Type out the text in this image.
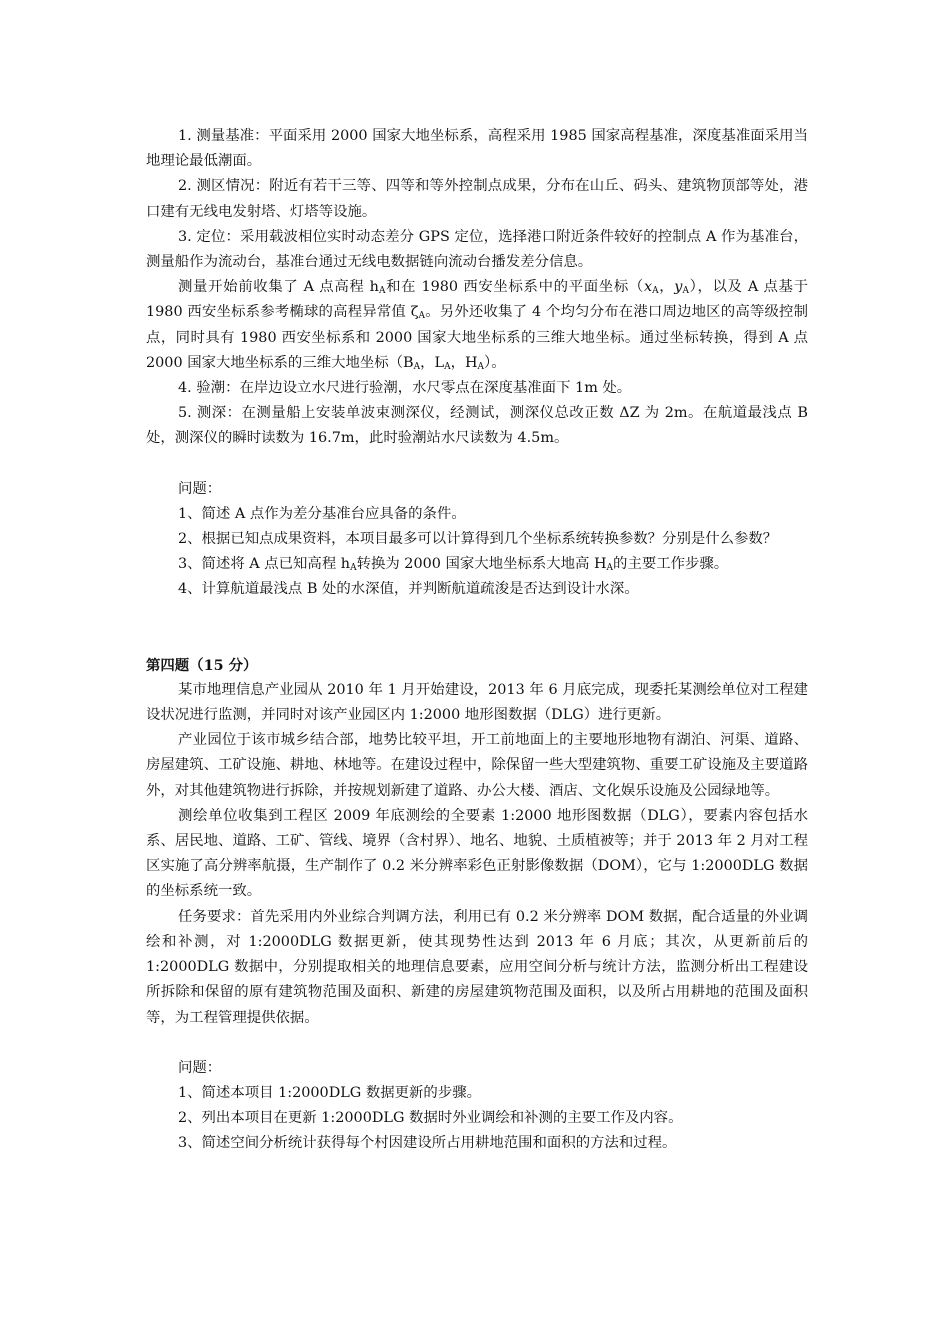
1. 测量基准：平面采用 2000 国家大地坐标系，高程采用 1985 国家高程基准，深度基准面采用当地理论最低潮面。

2. 测区情况：附近有若干三等、四等和等外控制点成果，分布在山丘、码头、建筑物顶部等处，港口建有无线电发射塔、灯塔等设施。

3. 定位：采用载波相位实时动态差分 GPS 定位，选择港口附近条件较好的控制点 A 作为基准台，测量船作为流动台，基准台通过无线电数据链向流动台播发差分信息。

测量开始前收集了 A 点高程 $h_A$和在 1980 西安坐标系中的平面坐标（$x_A$，$y_A$），以及 A 点基于 1980 西安坐标系参考椭球的高程异常值 $\zeta_A$。另外还收集了 4 个均匀分布在港口周边地区的高等级控制点，同时具有 1980 西安坐标系和 2000 国家大地坐标系的三维大地坐标。通过坐标转换，得到 A 点 2000 国家大地坐标系的三维大地坐标（$B_A$，$L_A$，$H_A$）。

4. 验潮：在岸边设立水尺进行验潮，水尺零点在深度基准面下 1m 处。

5. 测深：在测量船上安装单波束测深仪，经测试，测深仪总改正数 ΔZ 为 2m。在航道最浅点 B 处，测深仪的瞬时读数为 16.7m，此时验潮站水尺读数为 4.5m。

问题：

1、简述 A 点作为差分基准台应具备的条件。

2、根据已知点成果资料，本项目最多可以计算得到几个坐标系统转换参数？分别是什么参数？

3、简述将 A 点已知高程 $h_A$转换为 2000 国家大地坐标系大地高 $H_A$的主要工作步骤。

4、计算航道最浅点 B 处的水深值，并判断航道疏浚是否达到设计水深。

第四题（15 分）

某市地理信息产业园从 2010 年 1 月开始建设，2013 年 6 月底完成，现委托某测绘单位对工程建设状况进行监测，并同时对该产业园区内 1:2000 地形图数据（DLG）进行更新。

产业园位于该市城乡结合部，地势比较平坦，开工前地面上的主要地形地物有湖泊、河渠、道路、房屋建筑、工矿设施、耕地、林地等。在建设过程中，除保留一些大型建筑物、重要工矿设施及主要道路外，对其他建筑物进行拆除，并按规划新建了道路、办公大楼、酒店、文化娱乐设施及公园绿地等。

测绘单位收集到工程区 2009 年底测绘的全要素 1:2000 地形图数据（DLG），要素内容包括水系、居民地、道路、工矿、管线、境界（含村界）、地名、地貌、土质植被等；并于 2013 年 2 月对工程区实施了高分辨率航摄，生产制作了 0.2 米分辨率彩色正射影像数据（DOM），它与 1:2000DLG 数据的坐标系统一致。

任务要求：首先采用内外业综合判调方法，利用已有 0.2 米分辨率 DOM 数据，配合适量的外业调绘和补测，对 1:2000DLG 数据更新，使其现势性达到 2013 年 6 月底；其次，从更新前后的 1:2000DLG 数据中，分别提取相关的地理信息要素，应用空间分析与统计方法，监测分析出工程建设所拆除和保留的原有建筑物范围及面积、新建的房屋建筑物范围及面积，以及所占用耕地的范围及面积等，为工程管理提供依据。

问题：

1、简述本项目 1:2000DLG 数据更新的步骤。

2、列出本项目在更新 1:2000DLG 数据时外业调绘和补测的主要工作及内容。

3、简述空间分析统计获得每个村因建设所占用耕地范围和面积的方法和过程。
